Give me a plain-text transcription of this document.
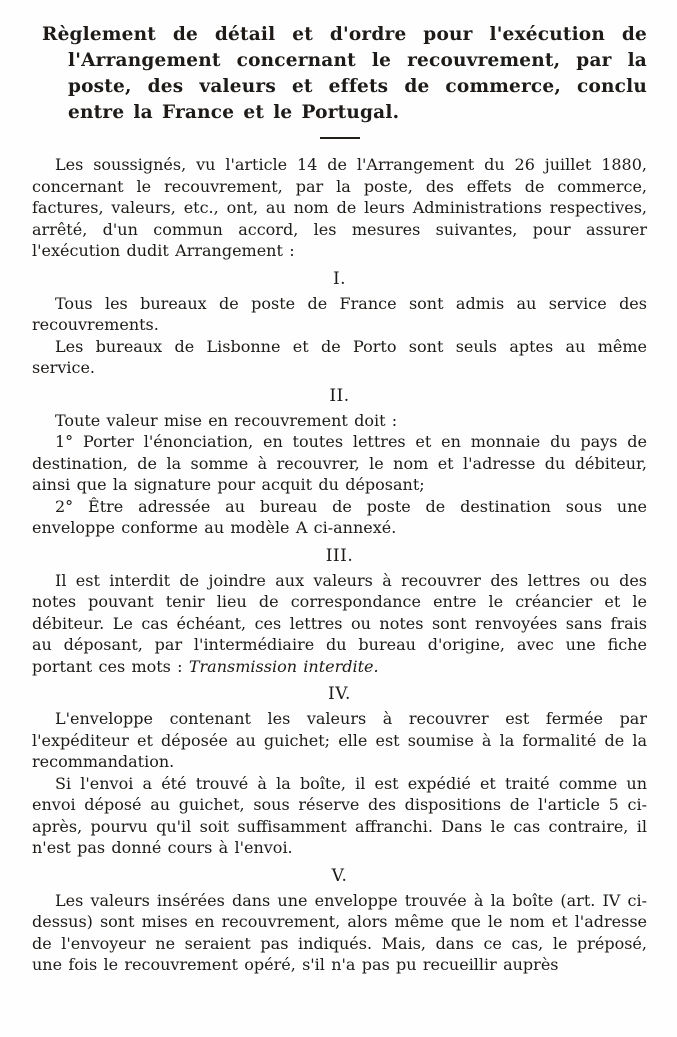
Règlement de détail et d'ordre pour l'exécution de l'Arrangement concernant le recouvrement, par la poste, des valeurs et effets de commerce, conclu entre la France et le Portugal.

Les soussignés, vu l'article 14 de l'Arrangement du 26 juillet 1880, concernant le recouvrement, par la poste, des effets de commerce, factures, valeurs, etc., ont, au nom de leurs Administrations respectives, arrêté, d'un commun accord, les mesures suivantes, pour assurer l'exécution dudit Arrangement :

I.

Tous les bureaux de poste de France sont admis au service des recouvrements.

Les bureaux de Lisbonne et de Porto sont seuls aptes au même service.

II.

Toute valeur mise en recouvrement doit :

1° Porter l'énonciation, en toutes lettres et en monnaie du pays de destination, de la somme à recouvrer, le nom et l'adresse du débiteur, ainsi que la signature pour acquit du déposant;

2° Être adressée au bureau de poste de destination sous une enveloppe conforme au modèle A ci-annexé.

III.

Il est interdit de joindre aux valeurs à recouvrer des lettres ou des notes pouvant tenir lieu de correspondance entre le créancier et le débiteur. Le cas échéant, ces lettres ou notes sont renvoyées sans frais au déposant, par l'intermédiaire du bureau d'origine, avec une fiche portant ces mots : Transmission interdite.

IV.

L'enveloppe contenant les valeurs à recouvrer est fermée par l'expéditeur et déposée au guichet; elle est soumise à la formalité de la recommandation.

Si l'envoi a été trouvé à la boîte, il est expédié et traité comme un envoi déposé au guichet, sous réserve des dispositions de l'article 5 ci-après, pourvu qu'il soit suffisamment affranchi. Dans le cas contraire, il n'est pas donné cours à l'envoi.

V.

Les valeurs insérées dans une enveloppe trouvée à la boîte (art. IV ci-dessus) sont mises en recouvrement, alors même que le nom et l'adresse de l'envoyeur ne seraient pas indiqués. Mais, dans ce cas, le préposé, une fois le recouvrement opéré, s'il n'a pas pu recueillir auprès
